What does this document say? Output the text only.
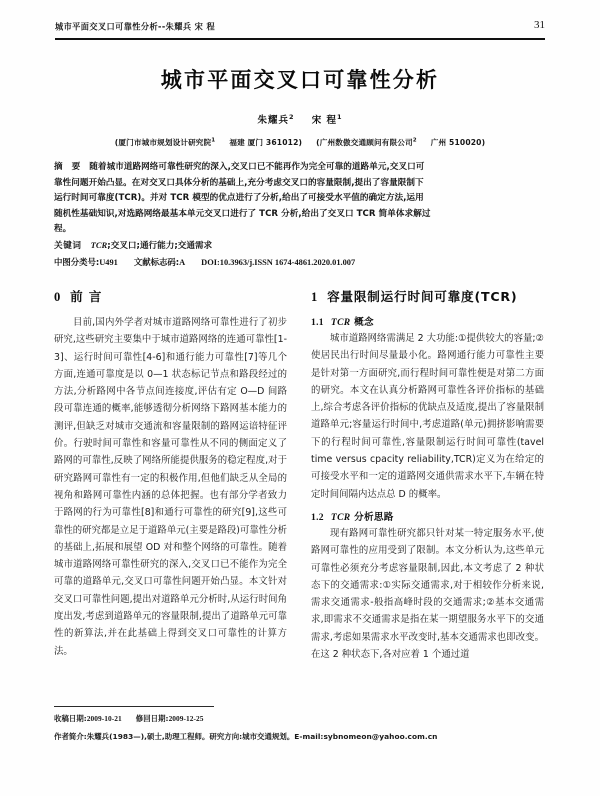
城市平面交叉口可靠性分析--朱耀兵 宋 程	31
城市平面交叉口可靠性分析
朱耀兵$^2$ 宋 程$^1$
(厦门市城市规划设计研究院$^1$ 福建 厦门 361012) (广州数傲交通顾问有限公司$^2$ 广州 510020)
摘 要 随着城市道路网络可靠性研究的深入,交叉口已不能再作为完全可靠的道路单元,交叉口可
靠性问题开始凸显。在对交叉口具体分析的基础上,充分考虑交叉口的容量限制,提出了容量限制下
运行时间可靠度(TCR)。并对 TCR 模型的优点进行了分析,给出了可接受水平值的确定方法,运用
随机性基础知识,对选路网络最基本单元交叉口进行了 TCR 分析,给出了交叉口 TCR 简单体求解过
程。
关键词 TCR;交叉口;通行能力;交通需求
中图分类号:U491 文献标志码:A DOI:10.3963/j.ISSN 1674-4861.2020.01.007
0 前 言

目前,国内外学者对城市道路网络可靠性进行了初步研究,这些研究主要集中于城市道路网络的连通可靠性[1-3]、运行时间可靠性[4-6]和通行能力可靠性[7]等几个方面,连通可靠度是以 0—1 状态标记节点和路段经过的方法,分析路网中各节点间连接度,评估有定 O—D 间路段可靠连通的概率,能够透彻分析网络下路网基本能力的测评,但缺乏对城市交通流和容量限制的路网运谙特征评价。行驶时间可靠性和容量可靠性从不同的侧面定义了路网的可靠性,反映了网络所能提供服务的稳定程度,对于研究路网可靠性有一定的积极作用,但他们缺乏从全局的视角和路网可靠性内涵的总体把握。也有部分学者致力于路网的行为可靠性[8]和通行可靠性的研究[9],这些可靠性的研究都是立足于道路单元(主要是路段)可靠性分析的基础上,拓展和展望 OD 对和整个网络的可靠性。随着城市道路网络可靠性研究的深入,交叉口已不能作为完全可靠的道路单元,交叉口可靠性问题开始凸显。本文针对交叉口可靠性问题,提出对道路单元分析时,从运行时间角度出发,考虑到道路单元的容量限制,提出了道路单元可靠性的新算法,并在此基础上得到交叉口可靠性的计算方法。

1 容量限制运行时间可靠度(TCR)
1.1 TCR 概念

城市道路网络需满足 2 大功能:①提供较大的容量;②使居民出行时间尽量最小化。路网通行能力可靠性主要是针对第一方面研究,而行程时间可靠性便是对第二方面的研究。本文在认真分析路网可靠性各评价指标的基础上,综合考虑各评价指标的优缺点及适度,提出了容量限制道路单元;容量运行时间中,考虑道路(单元)拥挤影响需要下的行程时间可靠性,容量限制运行时间可靠性(tavel time versus cpacity reliability,TCR)定义为在给定的可接受水平和一定的道路网交通供需求水平下,车辆在特定时间间隔内达点总 D 的概率。

1.2 TCR 分析思路

现有路网可靠性研究都只针对某一特定服务水平,使路网可靠性的应用受到了限制。本文分析认为,这些单元可靠性必须充分考虑容量限制,因此,本文考虑了 2 种状态下的交通需求:①实际交通需求,对于相较作分析来说,需求交通需求-般指高峰时段的交通需求;②基本交通需求,即需求不交通需求是指在某一期望服务水平下的交通需求,考虑如果需求水平改变时,基本交通需求也即改变。在这 2 种状态下,各对应着 1 个通过道

收稿日期:2009-10-21 修回日期:2009-12-25
作者简介:朱耀兵(1983—),硕士,助理工程师。研究方向:城市交通规划。E-mail:sybnomeon@yahoo.com.cn
